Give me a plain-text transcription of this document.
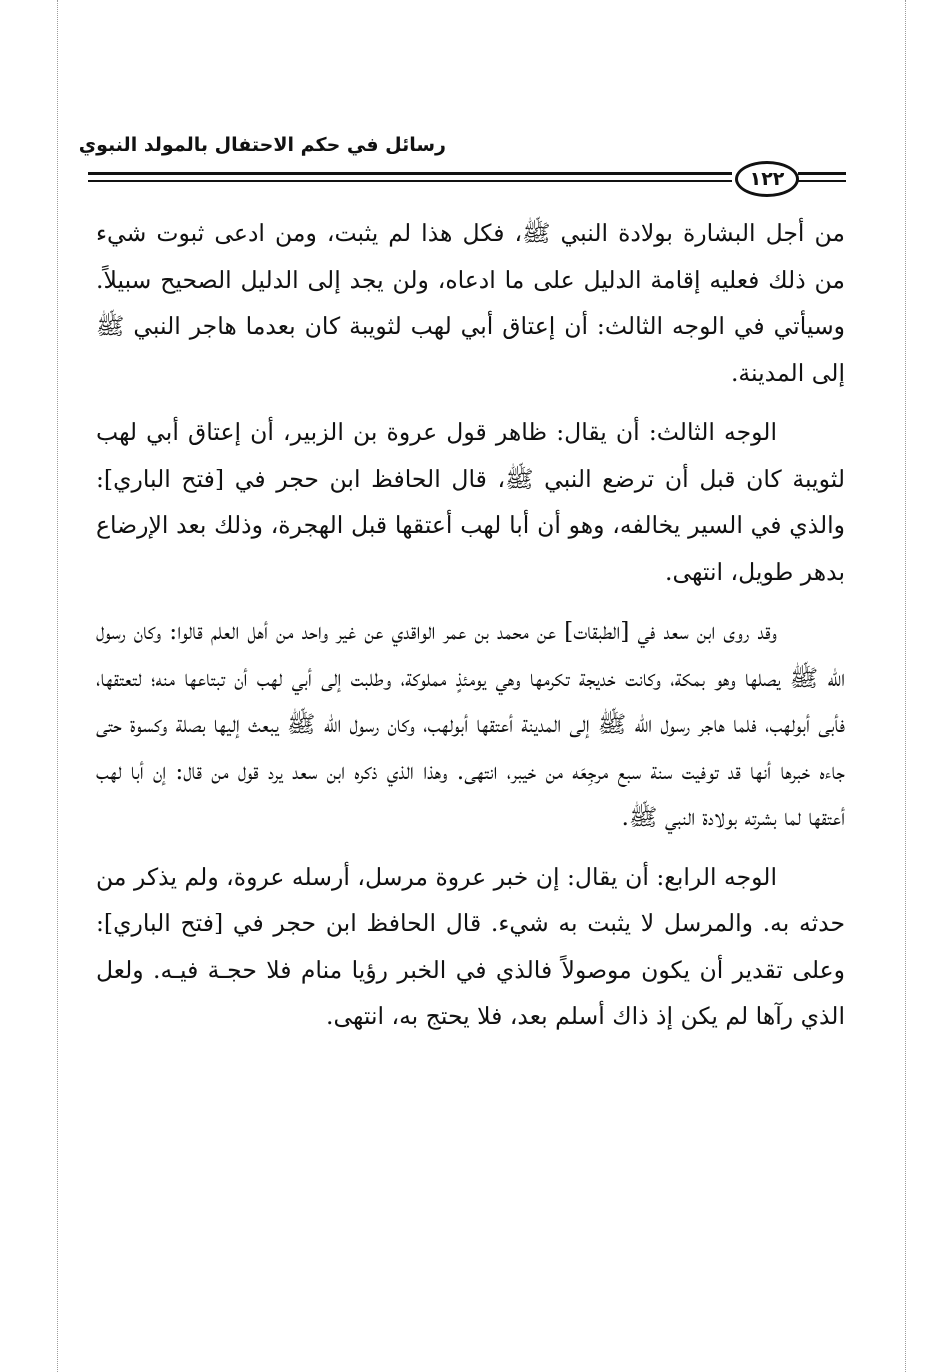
رسائل في حكم الاحتفال بالمولد النبوي
١٢٢

من أجل البشارة بولادة النبي ﷺ، فكل هذا لم يثبت، ومن ادعى ثبوت شيء من ذلك فعليه إقامة الدليل على ما ادعاه، ولن يجد إلى الدليل الصحيح سبيلاً. وسيأتي في الوجه الثالث: أن إعتاق أبي لهب لثويبة كان بعدما هاجر النبي ﷺ إلى المدينة.

الوجه الثالث: أن يقال: ظاهر قول عروة بن الزبير، أن إعتاق أبي لهب لثويبة كان قبل أن ترضع النبي ﷺ، قال الحافظ ابن حجر في [فتح الباري]: والذي في السير يخالفه، وهو أن أبا لهب أعتقها قبل الهجرة، وذلك بعد الإرضاع بدهر طويل، انتهى.

وقد روى ابن سعد في [الطبقات] عن محمد بن عمر الواقدي عن غير واحد من أهل العلم قالوا: وكان رسول الله ﷺ يصلها وهو بمكة، وكانت خديجة تكرمها وهي يومئذٍ مملوكة، وطلبت إلى أبي لهب أن تبتاعها منه؛ لتعتقها، فأبى أبولهب، فلما هاجر رسول الله ﷺ إلى المدينة أعتقها أبولهب، وكان رسول الله ﷺ يبعث إليها بصلة وكسوة حتى جاءه خبرها أنها قد توفيت سنة سبع مرجِعَه من خيبر، انتهى. وهذا الذي ذكره ابن سعد يرد قول من قال: إن أبا لهب أعتقها لما بشرته بولادة النبي ﷺ.

الوجه الرابع: أن يقال: إن خبر عروة مرسل، أرسله عروة، ولم يذكر من حدثه به. والمرسل لا يثبت به شيء. قال الحافظ ابن حجر في [فتح الباري]: وعلى تقدير أن يكون موصولاً فالذي في الخبر رؤيا منام فلا حجـة فيـه. ولعل الذي رآها لم يكن إذ ذاك أسلم بعد، فلا يحتج به، انتهى.
